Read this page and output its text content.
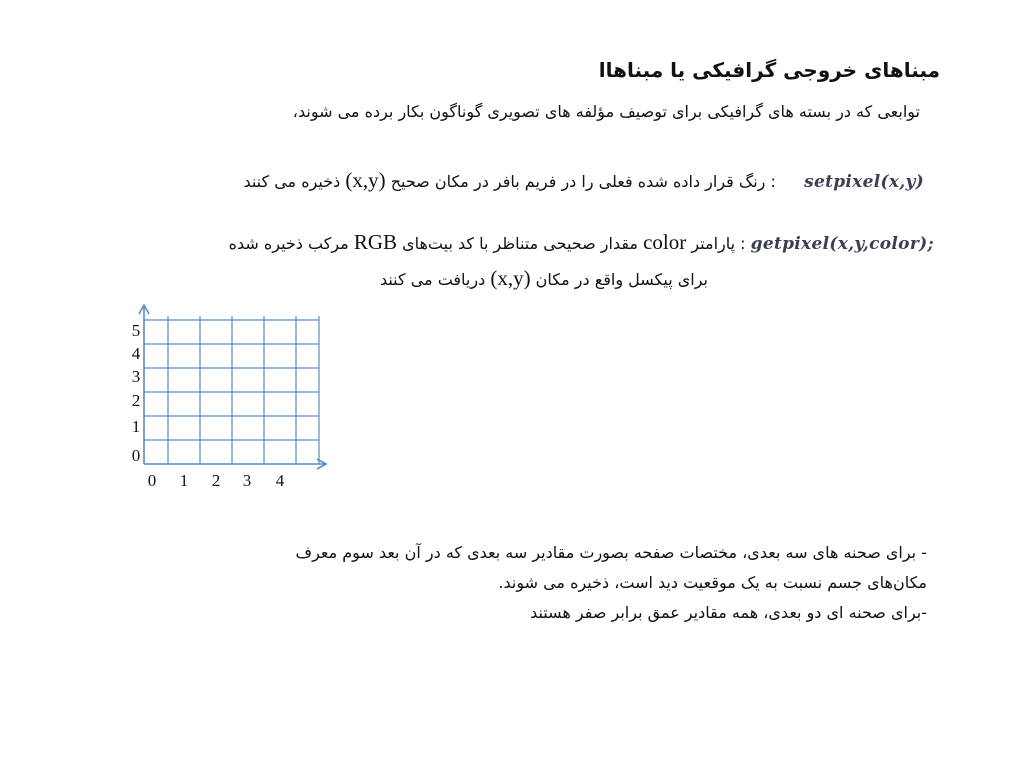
مبناهای خروجی گرافیکی یا مبناهاا
توابعی که در بسته های گرافیکی برای توصیف مؤلفه های تصویری گوناگون بکار برده می شوند،
setpixel(x,y)  : رنگ قرار داده شده فعلی را در فریم بافر در مکان صحیح (x,y) ذخیره می کنند
getpixel(x,y,color); : پارامتر color مقدار صحیحی متناظر با کد بیت‌های RGB مرکب ذخیره شده
برای پیکسل واقع در مکان (x,y) دریافت می کنند
0 1 2 3 4
0
1
2
3
4
5

- برای صحنه های سه بعدی، مختصات صفحه بصورت مقادیر سه بعدی که در آن بعد سوم معرف

مکان‌های جسم نسبت به یک موقعیت دید است، ذخیره می شوند.

-برای صحنه ای دو بعدی، همه مقادیر عمق برابر صفر هستند
